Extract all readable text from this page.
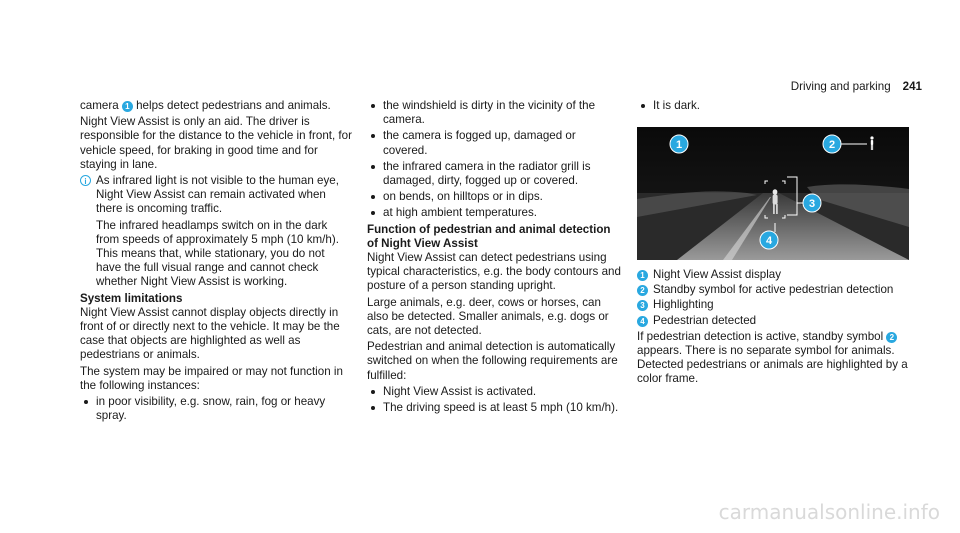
Driving and parking 241

camera 1 helps detect pedestrians and animals.

Night View Assist is only an aid. The driver is responsible for the distance to the vehicle in front, for vehicle speed, for braking in good time and for staying in lane.

i As infrared light is not visible to the human eye, Night View Assist can remain activated when there is oncoming traffic.

The infrared headlamps switch on in the dark from speeds of approximately 5 mph (10 km/h). This means that, while stationary, you do not have the full visual range and cannot check whether Night View Assist is working.

System limitations

Night View Assist cannot display objects directly in front of or directly next to the vehicle. It may be the case that objects are highlighted as well as pedestrians or animals.

The system may be impaired or may not function in the following instances:

in poor visibility, e.g. snow, rain, fog or heavy spray.
the windshield is dirty in the vicinity of the camera.
the camera is fogged up, damaged or covered.
the infrared camera in the radiator grill is damaged, dirty, fogged up or covered.
on bends, on hilltops or in dips.
at high ambient temperatures.

Function of pedestrian and animal detection of Night View Assist

Night View Assist can detect pedestrians using typical characteristics, e.g. the body contours and posture of a person standing upright.

Large animals, e.g. deer, cows or horses, can also be detected. Smaller animals, e.g. dogs or cats, are not detected.

Pedestrian and animal detection is automatically switched on when the following requirements are fulfilled:

Night View Assist is activated.
The driving speed is at least 5 mph (10 km/h).
It is dark.
1	2
3
4
1 Night View Assist display
2 Standby symbol for active pedestrian detection
3 Highlighting
4 Pedestrian detected

If pedestrian detection is active, standby symbol 2 appears. There is no separate symbol for animals. Detected pedestrians or animals are highlighted by a color frame.

carmanualsonline.info
